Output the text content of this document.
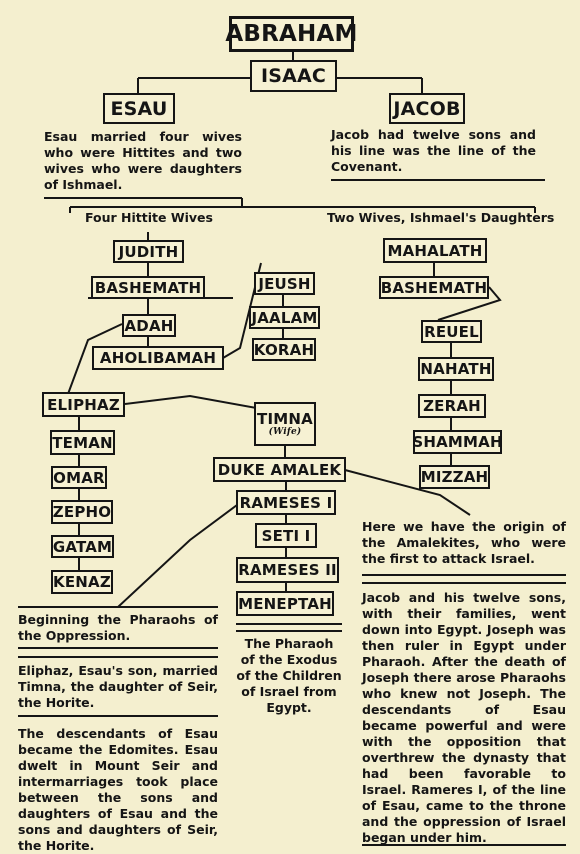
ABRAHAM
ISAAC
ESAU	JACOB
Esau married four wives who were Hittites and two wives who were daughters of Ishmael.
Jacob had twelve sons and his line was the line of the Covenant.
Four Hittite Wives	Two Wives, Ishmael's Daughters
JUDITH
BASHEMATH
ADAH
AHOLIBAMAH
JEUSH
JAALAM
KORAH
ELIPHAZ
TEMAN
OMAR
ZEPHO
GATAM
KENAZ
TIMNA
(Wife)
DUKE AMALEK
RAMESES I
SETI I
RAMESES II
MENEPTAH
MAHALATH
BASHEMATH
REUEL
NAHATH
ZERAH
SHAMMAH
MIZZAH
Here we have the origin of the Amalekites, who were the first to attack Israel.
Beginning the Pharaohs of the Oppression.
Eliphaz, Esau's son, married Timna, the daughter of Seir, the Horite.
The descendants of Esau became the Edomites. Esau dwelt in Mount Seir and intermarriages took place between the sons and daughters of Esau and the sons and daughters of Seir, the Horite.
The Pharaoh of the Exodus of the Children of Israel from Egypt.
Jacob and his twelve sons, with their families, went down into Egypt. Joseph was then ruler in Egypt under Pharaoh. After the death of Joseph there arose Pharaohs who knew not Joseph. The descendants of Esau became powerful and were with the opposition that overthrew the dynasty that had been favorable to Israel. Rameres I, of the line of Esau, came to the throne and the oppression of Israel began under him.
